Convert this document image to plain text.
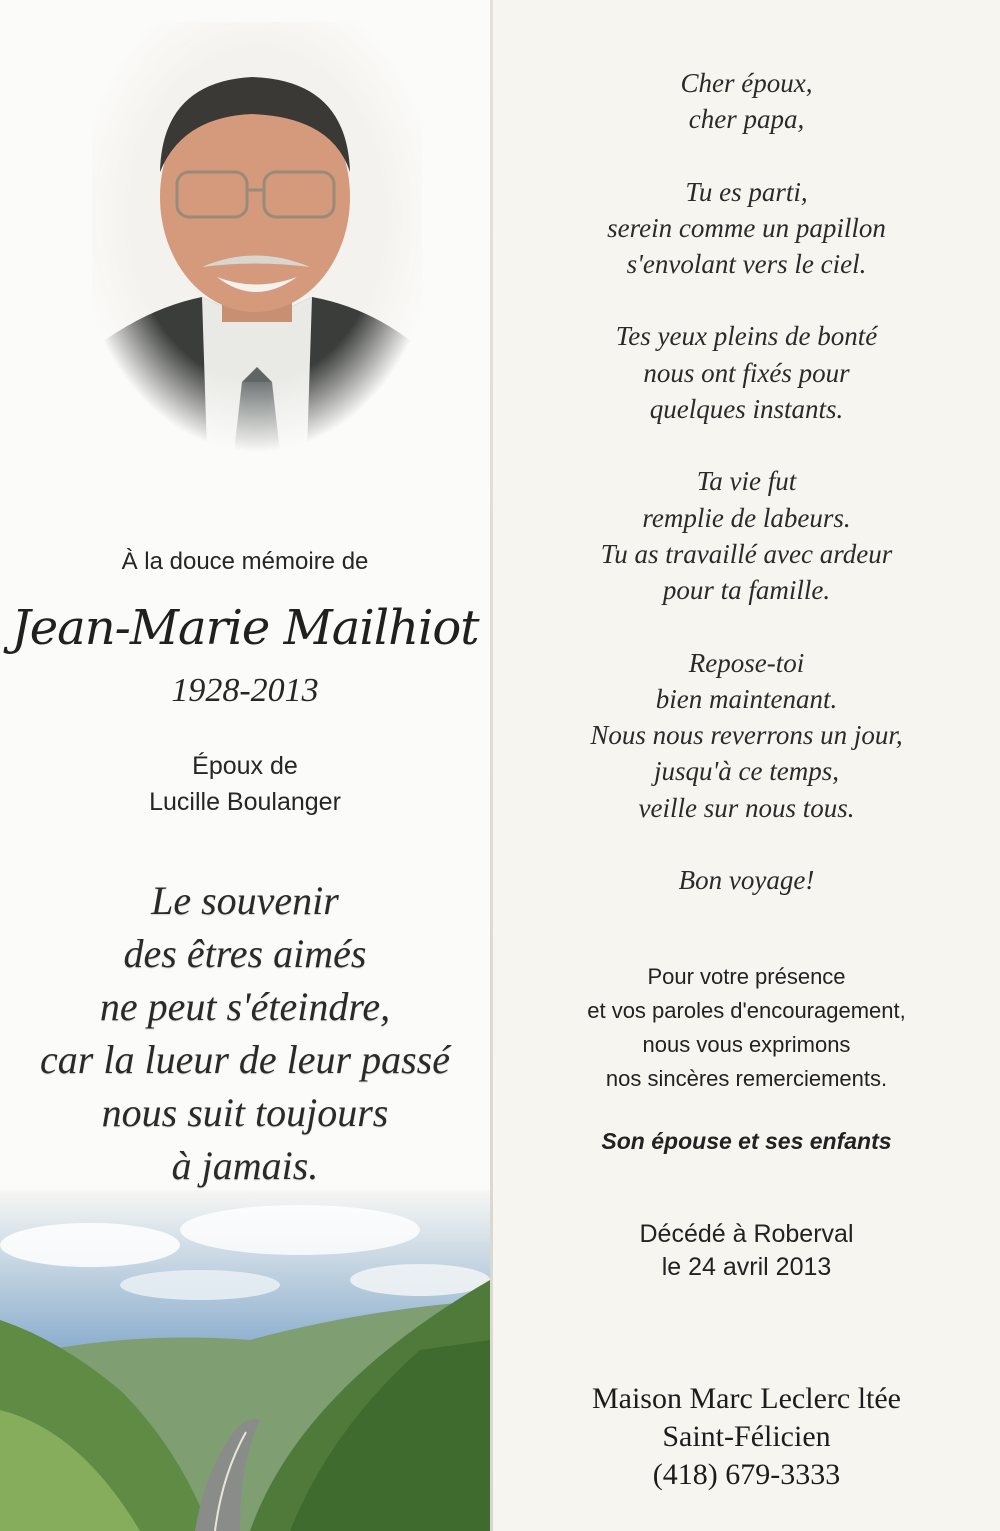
À la douce mémoire de
Jean-Marie Mailhiot
1928-2013
Époux de
Lucille Boulanger
Le souvenir
des êtres aimés
ne peut s'éteindre,
car la lueur de leur passé
nous suit toujours
à jamais.
Cher époux,
cher papa,
Tu es parti,
serein comme un papillon
s'envolant vers le ciel.
Tes yeux pleins de bonté
nous ont fixés pour
quelques instants.
Ta vie fut
remplie de labeurs.
Tu as travaillé avec ardeur
pour ta famille.
Repose-toi
bien maintenant.
Nous nous reverrons un jour,
jusqu'à ce temps,
veille sur nous tous.
Bon voyage!
Pour votre présence
et vos paroles d'encouragement,
nous vous exprimons
nos sincères remerciements.
Son épouse et ses enfants
Décédé à Roberval
le 24 avril 2013
Maison Marc Leclerc ltée
Saint-Félicien
(418) 679-3333
